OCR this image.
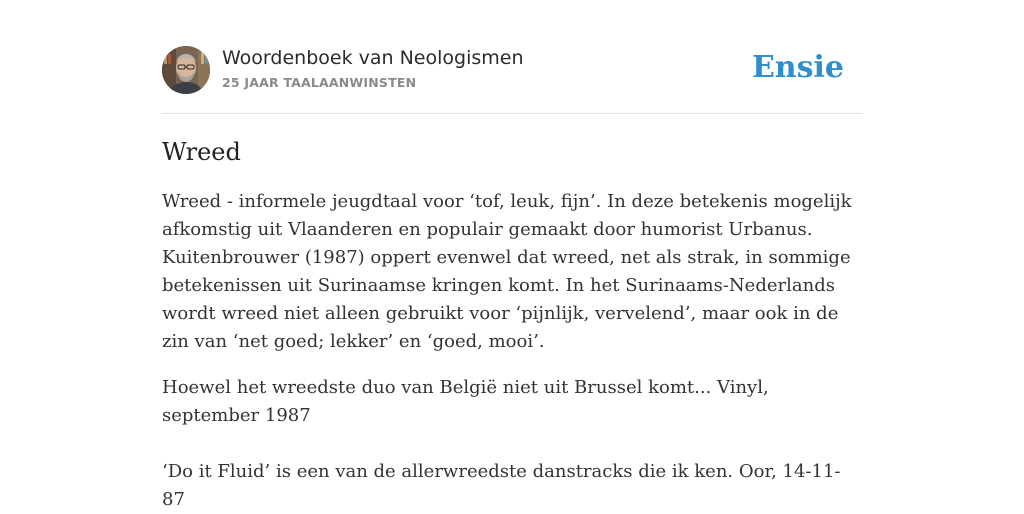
Woordenboek van Neologismen
25 JAAR TAALAANWINSTEN	Ensie
Wreed

Wreed - informele jeugdtaal voor ‘tof, leuk, fijn’. In deze betekenis mogelijk afkomstig uit Vlaanderen en populair gemaakt door humorist Urbanus. Kuitenbrouwer (1987) oppert evenwel dat wreed, net als strak, in sommige betekenissen uit Surinaamse kringen komt. In het Surinaams-Nederlands wordt wreed niet alleen gebruikt voor ‘pijnlijk, vervelend’, maar ook in de zin van ‘net goed; lekker’ en ‘goed, mooi’.

Hoewel het wreedste duo van België niet uit Brussel komt... Vinyl, september 1987

‘Do it Fluid’ is een van de allerwreedste danstracks die ik ken. Oor, 14-11-87
